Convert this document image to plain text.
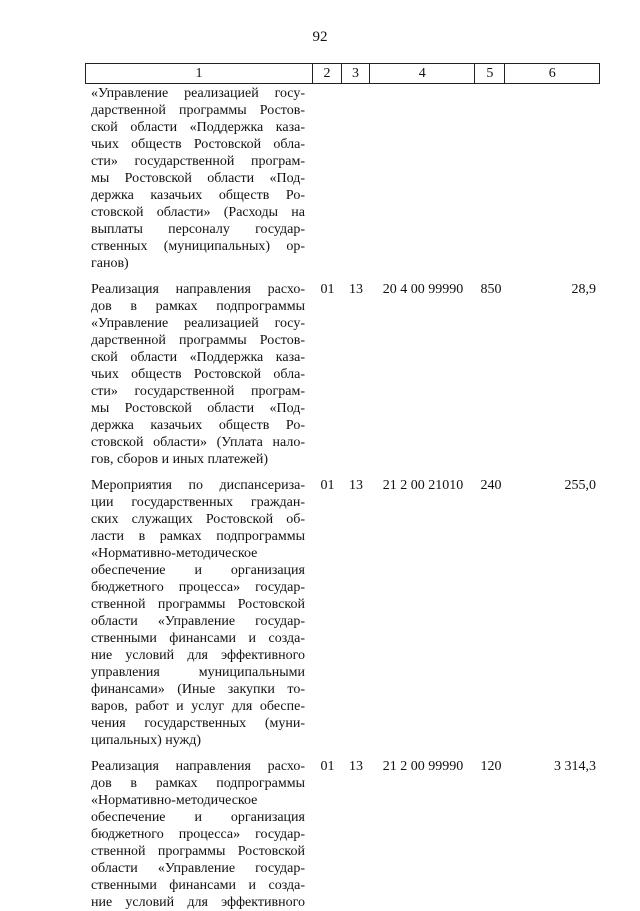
92
1	2	3	4	5	6
«Управление реализацией госу-
дарственной программы Ростов-
ской области «Поддержка каза-
чьих обществ Ростовской обла-
сти» государственной програм-
мы Ростовской области «Под-
держка казачьих обществ Ро-
стовской области» (Расходы на
выплаты персоналу государ-
ственных (муниципальных) ор-
ганов)
Реализация направления расхо-
дов в рамках подпрограммы
«Управление реализацией госу-
дарственной программы Ростов-
ской области «Поддержка каза-
чьих обществ Ростовской обла-
сти» государственной програм-
мы Ростовской области «Под-
держка казачьих обществ Ро-
стовской области» (Уплата нало-
гов, сборов и иных платежей)
01	13	20 4 00 99990	850	28,9
Мероприятия по диспансеризa-
ции государственных граждан-
ских служащих Ростовской об-
ласти в рамках подпрограммы
«Нормативно-методическое
обеспечение и организация
бюджетного процесса» государ-
ственной программы Ростовской
области «Управление государ-
ственными финансами и созда-
ние условий для эффективного
управления муниципальными
финансами» (Иные закупки то-
варов, работ и услуг для обеспе-
чения государственных (муни-
ципальных) нужд)
01	13	21 2 00 21010	240	255,0
Реализация направления расхо-
дов в рамках подпрограммы
«Нормативно-методическое
обеспечение и организация
бюджетного процесса» государ-
ственной программы Ростовской
области «Управление государ-
ственными финансами и созда-
ние условий для эффективного
01	13	21 2 00 99990	120	3 314,3
